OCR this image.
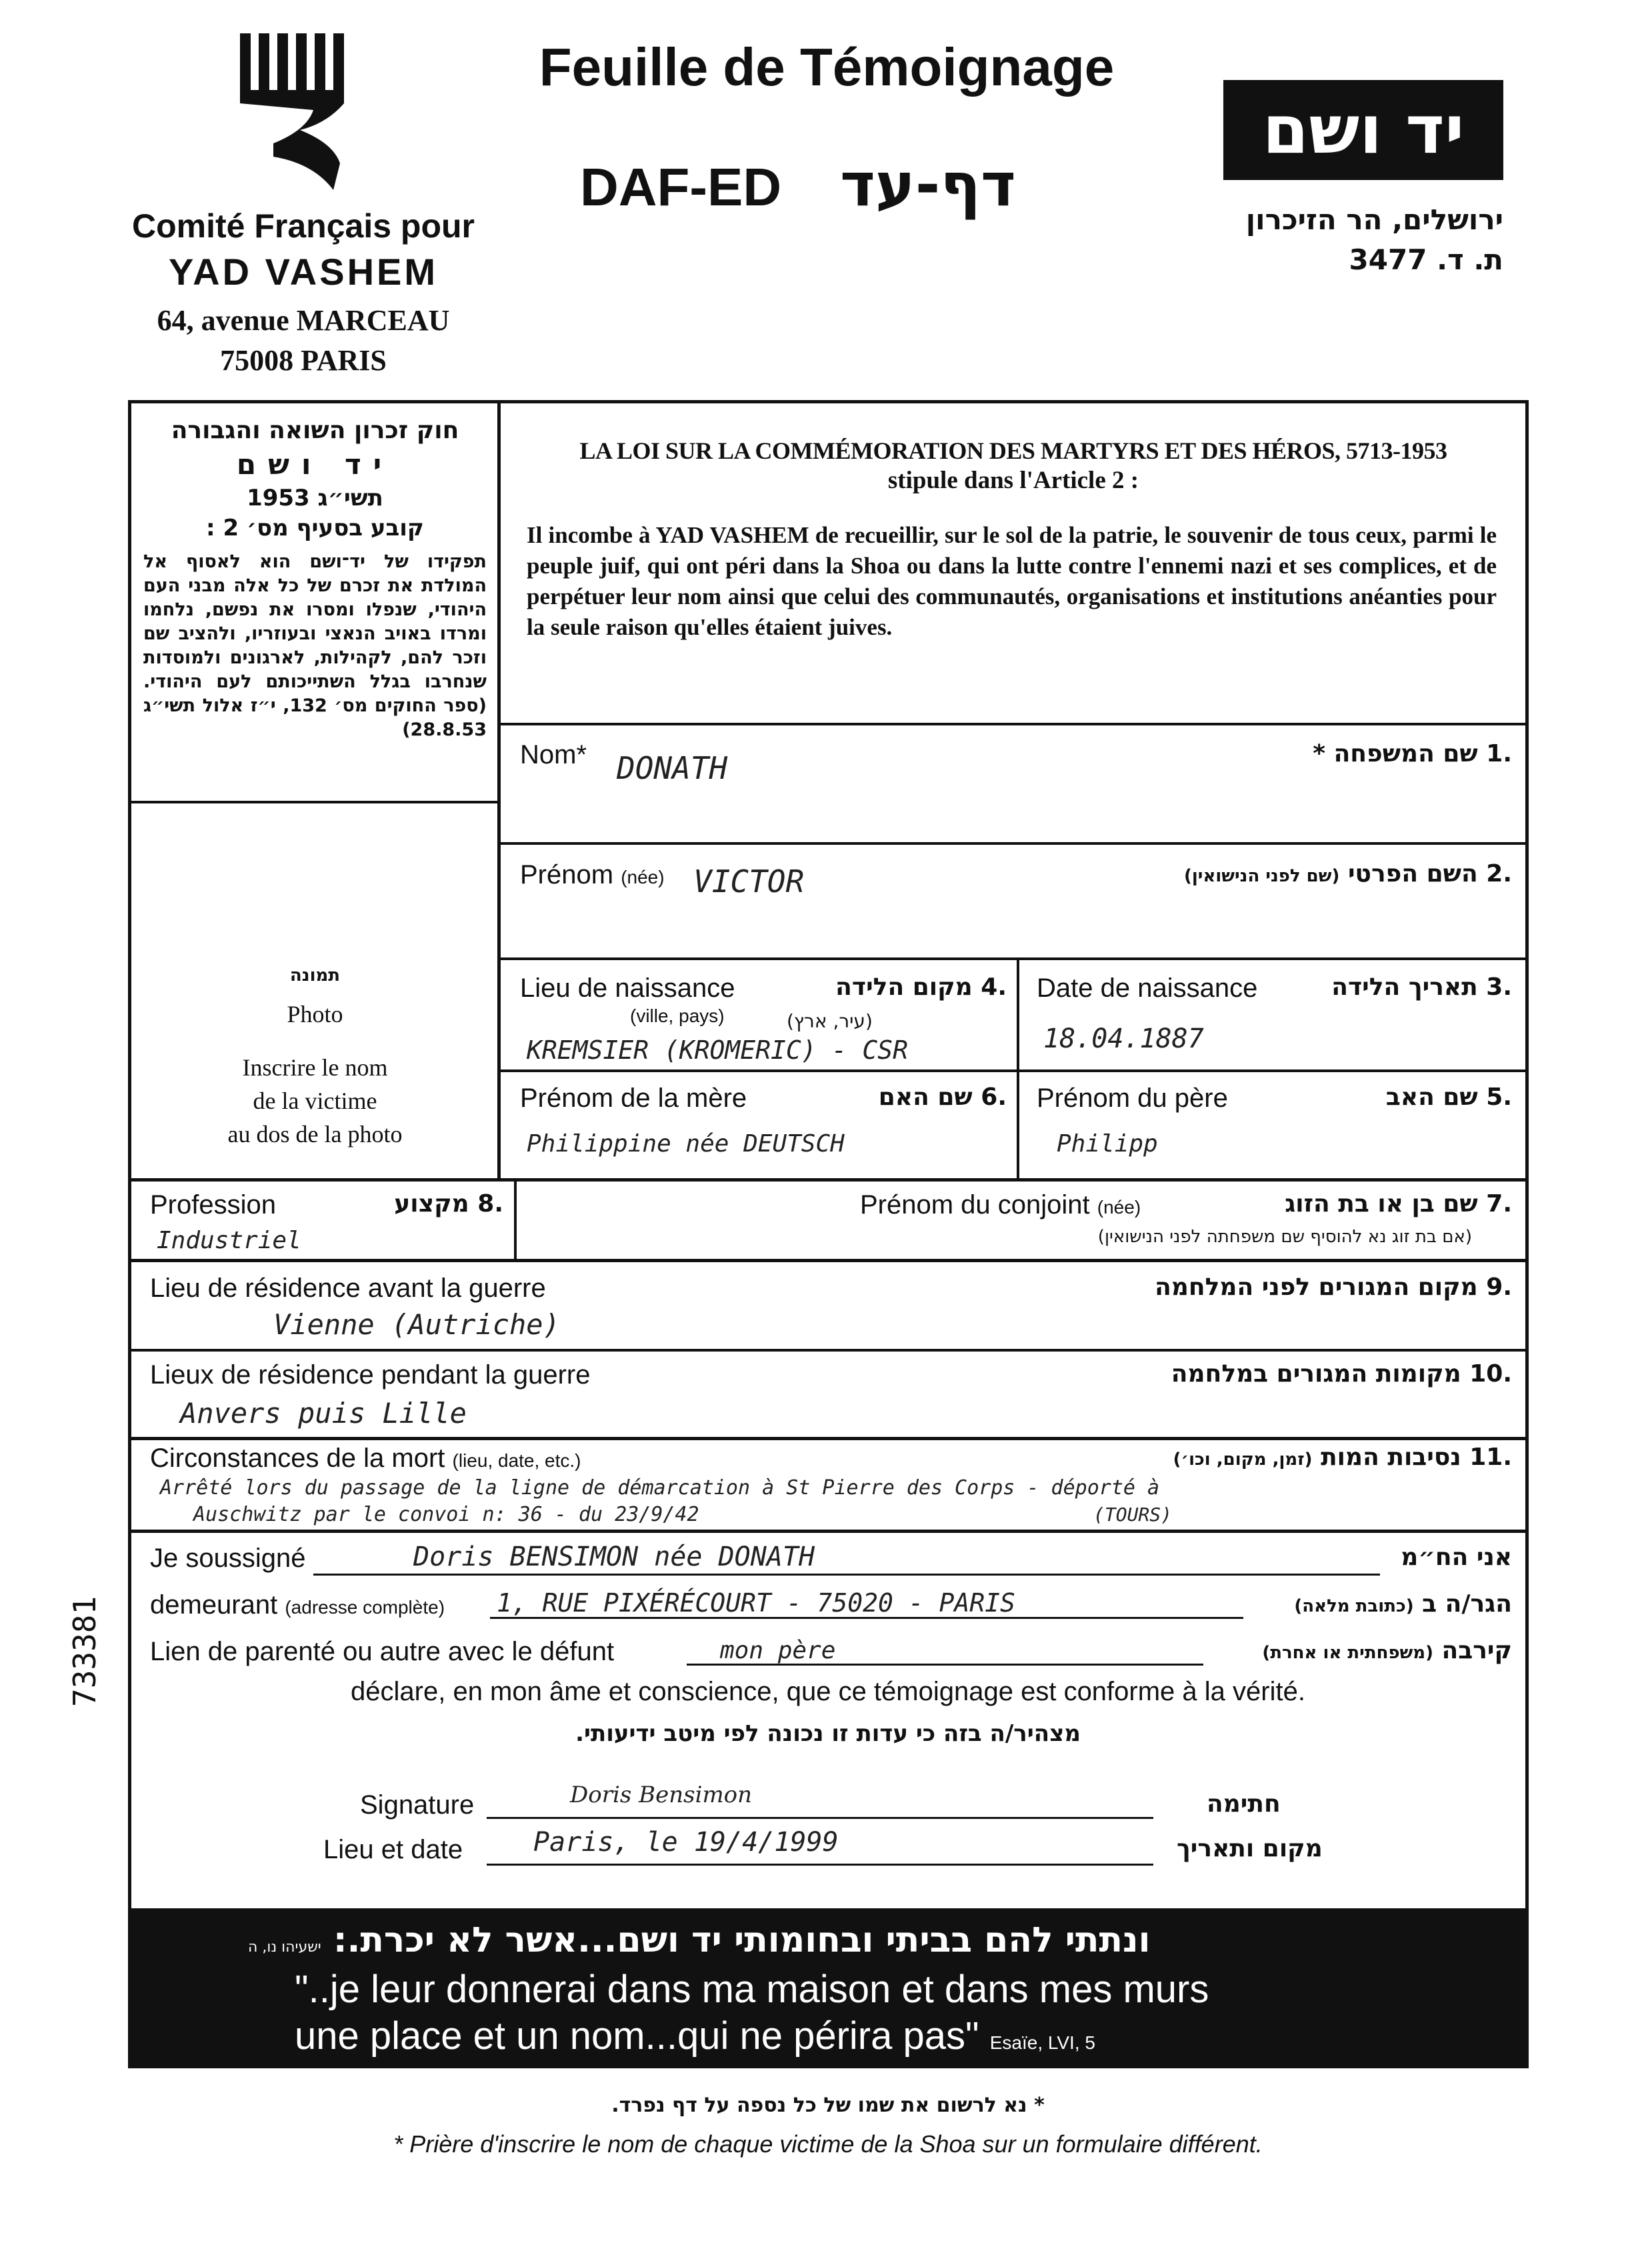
Comité Français pour
YAD VASHEM
64, avenue MARCEAU
75008 PARIS
Feuille de Témoignage
DAF-ED דף-עד
יד ושם
ירושלים, הר הזיכרון
ת. ד. 3477
חוק זכרון השואה והגבורה
יד ושם
תשי״ג 1953
קובע בסעיף מס׳ 2 :
תפקידו של יד־ושם הוא לאסוף אל המולדת את זכרם של כל אלה מבני העם היהודי, שנפלו ומסרו את נפשם, נלחמו ומרדו באויב הנאצי ובעוזריו, ולהציב שם וזכר להם, לקהילות, לארגונים ולמוסדות שנחרבו בגלל השתייכותם לעם היהודי. (ספר החוקים מס׳ 132, י״ז אלול תשי״ג 28.8.53)
LA LOI SUR LA COMMÉMORATION DES MARTYRS ET DES HÉROS, 5713-1953
stipule dans l'Article 2 :
Il incombe à YAD VASHEM de recueillir, sur le sol de la patrie, le souvenir de tous ceux, parmi le peuple juif, qui ont péri dans la Shoa ou dans la lutte contre l'ennemi nazi et ses complices, et de perpétuer leur nom ainsi que celui des communautés, organisations et institutions anéanties pour la seule raison qu'elles étaient juives.
תמונה
Photo
Inscrire le nom
de la victime
au dos de la photo
Nom* DONATH	.1 שם המשפחה *
Prénom (née) VICTOR	.2 השם הפרטי (שם לפני הנישואין)
Lieu de naissance	.4 מקום הלידה
(ville, pays)	(עיר, ארץ)
KREMSIER (KROMERIC) - CSR
Date de naissance	.3 תאריך הלידה
18.04.1887
Prénom de la mère	.6 שם האם
Philippine née DEUTSCH
Prénom du père	.5 שם האב
Philipp
Profession	.8 מקצוע
Industriel
Prénom du conjoint (née)	.7 שם בן או בת הזוג
(אם בת זוג נא להוסיף שם משפחתה לפני הנישואין)
Lieu de résidence avant la guerre	.9 מקום המגורים לפני המלחמה
Vienne (Autriche)
Lieux de résidence pendant la guerre	.10 מקומות המגורים במלחמה
Anvers puis Lille
Circonstances de la mort (lieu, date, etc.)	.11 נסיבות המות (זמן, מקום, וכו׳)
Arrêté lors du passage de la ligne de démarcation à St Pierre des Corps - déporté à
Auschwitz par le convoi n: 36 - du 23/9/42	(TOURS)
Je soussigné	Doris BENSIMON née DONATH	אני הח״מ
demeurant (adresse complète) 1, RUE PIXÉRÉCOURT - 75020 - PARIS	הגר/ה ב (כתובת מלאה)
Lien de parenté ou autre avec le défunt	mon père	קירבה (משפחתית או אחרת)
déclare, en mon âme et conscience, que ce témoignage est conforme à la vérité.
מצהיר/ה בזה כי עדות זו נכונה לפי מיטב ידיעותי.
Signature	Doris Bensimon	חתימה
Lieu et date	Paris, le 19/4/1999	מקום ותאריך
733381
ונתתי להם בביתי ובחומותי יד ושם...אשר לא יכרת.: ישעיהו נו, ה
"..je leur donnerai dans ma maison et dans mes murs
une place et un nom...qui ne périra pas" Esaïe, LVI, 5
* נא לרשום את שמו של כל נספה על דף נפרד.
* Prière d'inscrire le nom de chaque victime de la Shoa sur un formulaire différent.
